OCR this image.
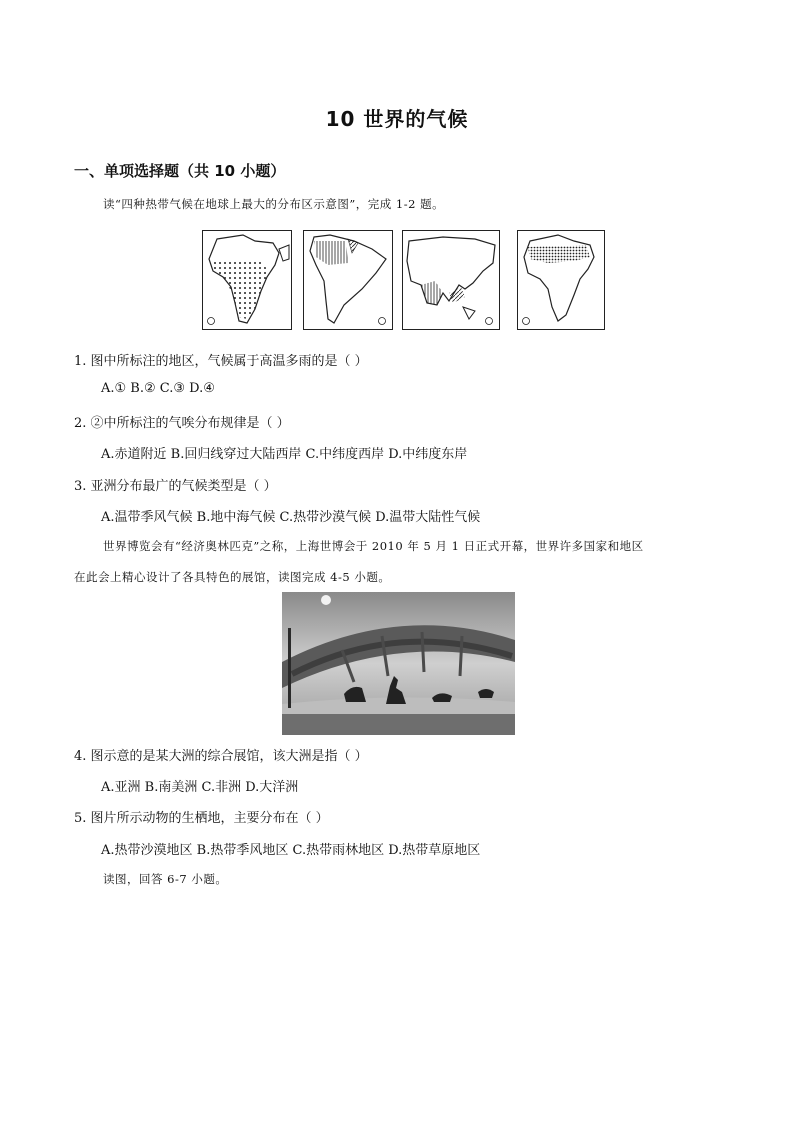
10 世界的气候
一、单项选择题（共 10 小题）
读“四种热带气候在地球上最大的分布区示意图”，完成 1-2 题。
1. 图中所标注的地区，气候属于高温多雨的是（ ）
A.① B.② C.③ D.④
2. ②中所标注的气唉分布规律是（ ）
A.赤道附近 B.回归线穿过大陆西岸 C.中纬度西岸 D.中纬度东岸
3. 亚洲分布最广的气候类型是（ ）
A.温带季风气候 B.地中海气候 C.热带沙漠气候 D.温带大陆性气候
世界博览会有“经济奥林匹克”之称，上海世博会于 2010 年 5 月 1 日正式开幕，世界许多国家和地区
在此会上精心设计了各具特色的展馆，读图完成 4-5 小题。
4. 图示意的是某大洲的综合展馆，该大洲是指（ ）
A.亚洲 B.南美洲 C.非洲 D.大洋洲
5. 图片所示动物的生栖地，主要分布在（ ）
A.热带沙漠地区 B.热带季风地区 C.热带雨林地区 D.热带草原地区
读图，回答 6-7 小题。
